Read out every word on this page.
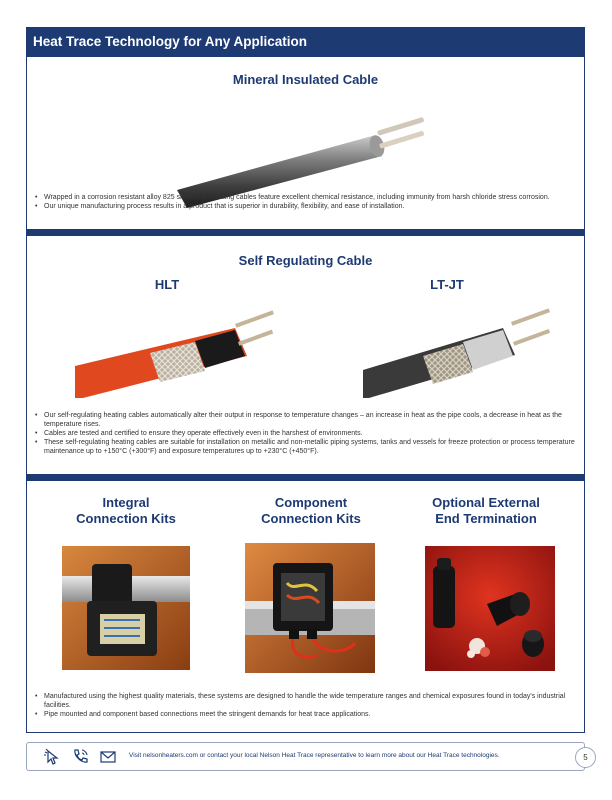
Heat Trace Technology for Any Application
Mineral Insulated Cable
• Wrapped in a corrosion resistant alloy 825 sheath, MI heating cables feature excellent chemical resistance, including immunity from harsh chloride stress corrosion.
• Our unique manufacturing process results in a product that is superior in durability, flexibility, and ease of installation.
Self Regulating Cable
HLT	LT-JT
• Our self-regulating heating cables automatically alter their output in response to temperature changes – an increase in heat as the pipe cools, a decrease in heat as the temperature rises.
• Cables are tested and certified to ensure they operate effectively even in the harshest of environments.
• These self-regulating heating cables are suitable for installation on metallic and non-metallic piping systems, tanks and vessels for freeze protection or process temperature maintenance up to +150°C (+300°F) and exposure temperatures up to +230°C (+450°F).
Integral
Connection Kits
Component
Connection Kits
Optional External
End Termination
• Manufactured using the highest quality materials, these systems are designed to handle the wide temperature ranges and chemical exposures found in today's industrial facilities.
• Pipe mounted and component based connections meet the stringent demands for heat trace applications.
Visit nelsonheaters.com or contact your local Nelson Heat Trace representative to learn more about our Heat Trace technologies.	5
